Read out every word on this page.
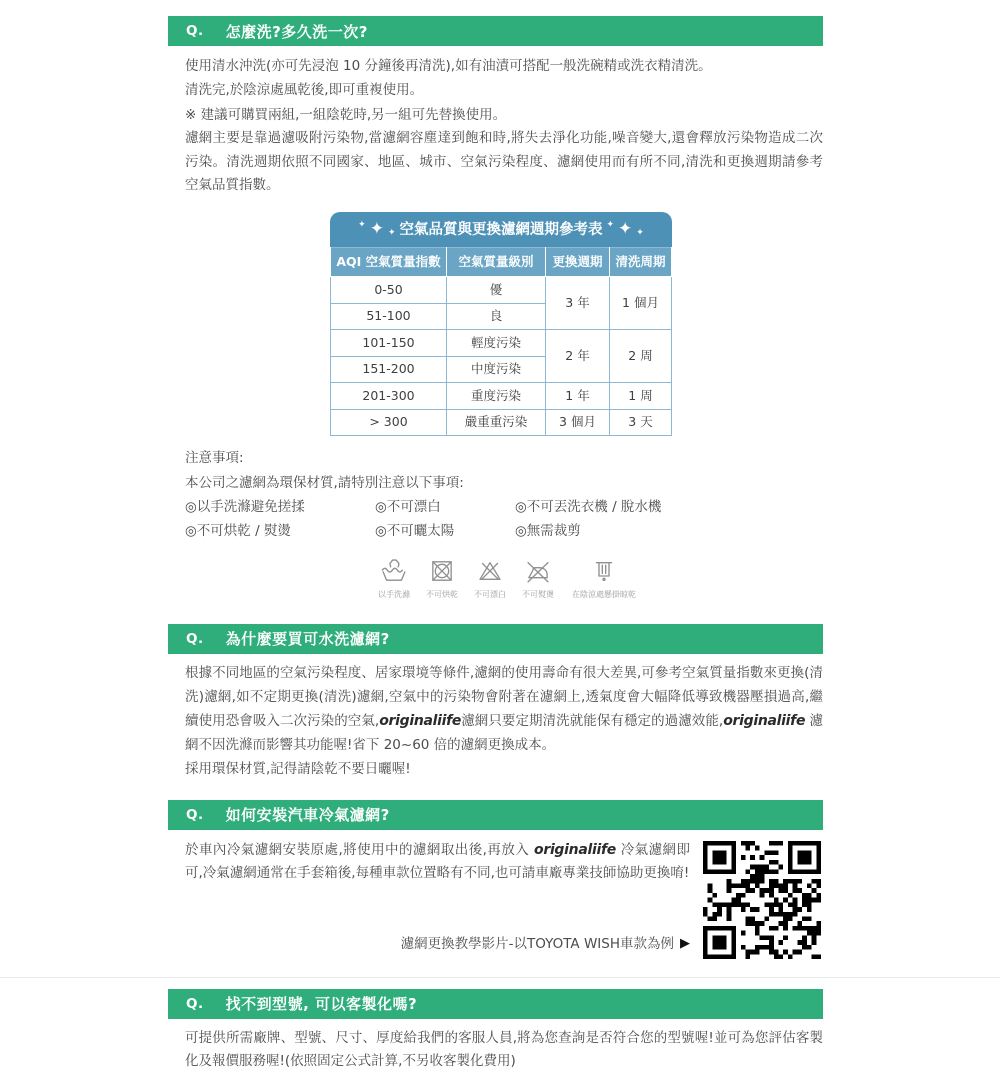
Q. 怎麼洗?多久洗一次?

使用清水沖洗(亦可先浸泡 10 分鐘後再清洗),如有油漬可搭配一般洗碗精或洗衣精清洗。

清洗完,於陰涼處風乾後,即可重複使用。

※ 建議可購買兩組,一組陰乾時,另一組可先替換使用。

濾網主要是靠過濾吸附污染物,當濾網容塵達到飽和時,將失去淨化功能,噪音變大,還會釋放污染物造成二次污染。清洗週期依照不同國家、地區、城市、空氣污染程度、濾網使用而有所不同,清洗和更換週期請參考空氣品質指數。

✦ ✦ ✦ 空氣品質與更換濾網週期參考表 ✦ ✦ ✦
AQI 空氣質量指數	空氣質量級別	更換週期	清洗周期
0-50	優	3 年	1 個月
51-100	良		
101-150	輕度污染	2 年	2 周
151-200	中度污染		
201-300	重度污染	1 年	1 周
> 300	嚴重重污染	3 個月	3 天

注意事項:

本公司之濾網為環保材質,請特別注意以下事項:

◎以手洗滌避免搓揉	◎不可漂白	◎不可丟洗衣機 / 脫水機
◎不可烘乾 / 熨燙	◎不可曬太陽	◎無需裁剪
以手洗滌 不可烘乾 不可漂白 不可熨燙 在陰涼處懸掛晾乾
Q. 為什麼要買可水洗濾網?

根據不同地區的空氣污染程度、居家環境等條件,濾網的使用壽命有很大差異,可參考空氣質量指數來更換(清洗)濾網,如不定期更換(清洗)濾網,空氣中的污染物會附著在濾網上,透氣度會大幅降低導致機器壓損過高,繼續使用恐會吸入二次污染的空氣,originaliife濾網只要定期清洗就能保有穩定的過濾效能,originaliife 濾網不因洗滌而影響其功能喔!省下 20~60 倍的濾網更換成本。

採用環保材質,記得請陰乾不要日曬喔!

Q. 如何安裝汽車冷氣濾網?

於車內冷氣濾網安裝原處,將使用中的濾網取出後,再放入 originaliife 冷氣濾網即可,冷氣濾網通常在手套箱後,每種車款位置略有不同,也可請車廠專業技師協助更換唷!

濾網更換教學影片-以TOYOTA WISH車款為例 ▶
Q. 找不到型號, 可以客製化嗎?

可提供所需廠牌、型號、尺寸、厚度給我們的客服人員,將為您查詢是否符合您的型號喔!並可為您評估客製化及報價服務喔!(依照固定公式計算,不另收客製化費用)
